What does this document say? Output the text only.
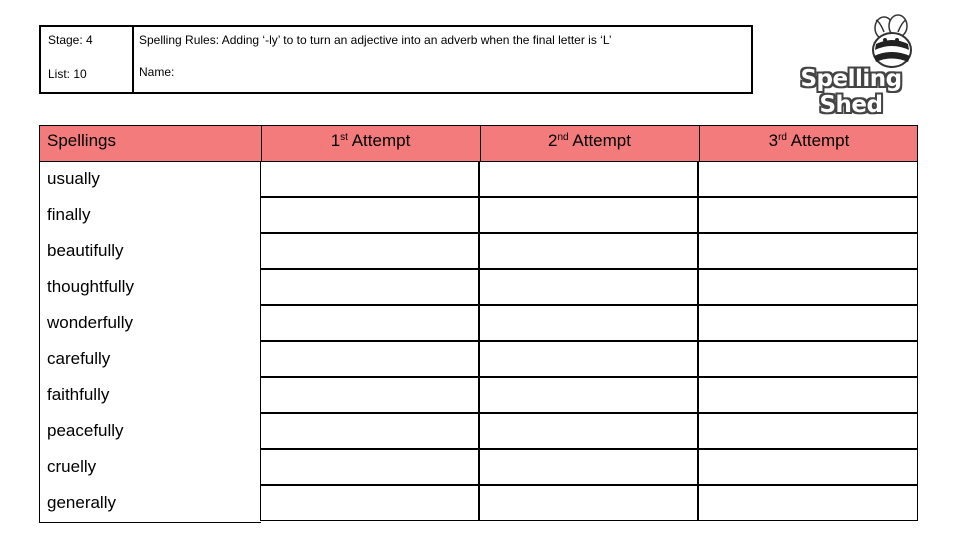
Stage: 4	Spelling Rules: Adding ‘-ly’ to to turn an adjective into an adverb when the final letter is ‘L’
List: 10	Name:	Spelling Shed
Spellings	1st Attempt	2nd Attempt	3rd Attempt
usually
finally
beautifully
thoughtfully
wonderfully
carefully
faithfully
peacefully
cruelly
generally
